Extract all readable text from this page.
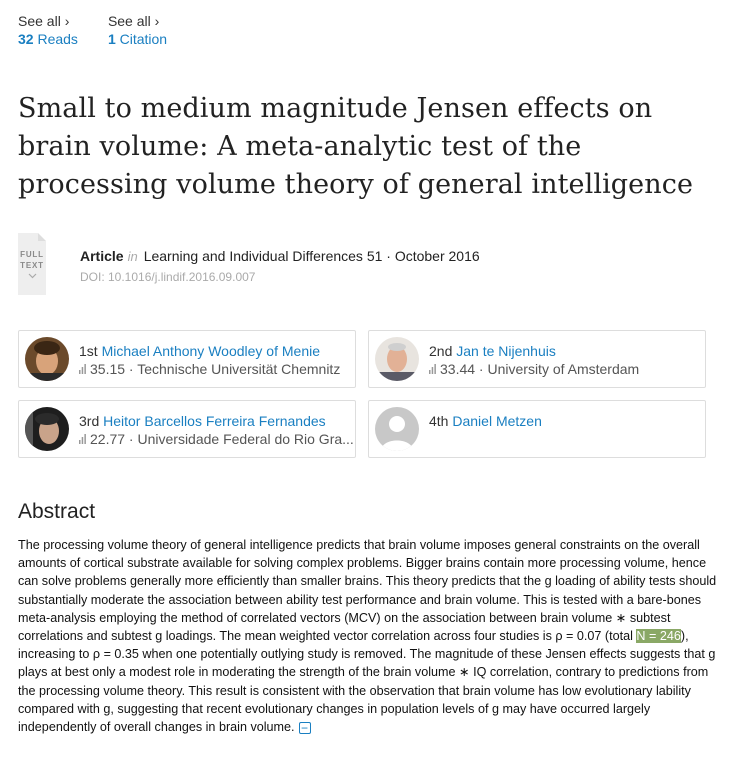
See all ›
32 Reads
See all ›
1 Citation
Small to medium magnitude Jensen effects on brain volume: A meta-analytic test of the processing volume theory of general intelligence
FULL
TEXT
Article in Learning and Individual Differences 51 · October 2016
DOI: 10.1016/j.lindif.2016.09.007
1st Michael Anthony Woodley of Menie
35.15 · Technische Universität Chemnitz
2nd Jan te Nijenhuis
33.44 · University of Amsterdam
3rd Heitor Barcellos Ferreira Fernandes
22.77 · Universidade Federal do Rio Gra...
4th Daniel Metzen
Abstract

The processing volume theory of general intelligence predicts that brain volume imposes general constraints on the overall amounts of cortical substrate available for solving complex problems. Bigger brains contain more processing volume, hence can solve problems generally more efficiently than smaller brains. This theory predicts that the g loading of ability tests should substantially moderate the association between ability test performance and brain volume. This is tested with a bare-bones meta-analysis employing the method of correlated vectors (MCV) on the association between brain volume ∗ subtest correlations and subtest g loadings. The mean weighted vector correlation across four studies is ρ = 0.07 (total N = 246), increasing to ρ = 0.35 when one potentially outlying study is removed. The magnitude of these Jensen effects suggests that g plays at best only a modest role in moderating the strength of the brain volume ∗ IQ correlation, contrary to predictions from the processing volume theory. This result is consistent with the observation that brain volume has low evolutionary lability compared with g, suggesting that recent evolutionary changes in population levels of g may have occurred largely independently of overall changes in brain volume. −
